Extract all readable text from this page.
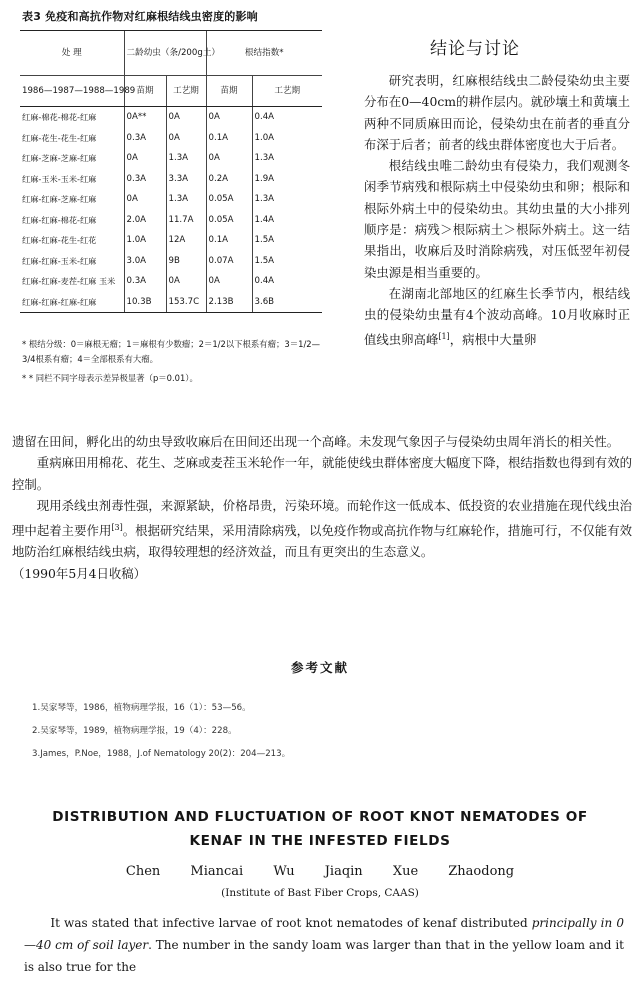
表3 免疫和高抗作物对红麻根结线虫密度的影响
处 理	二龄幼虫（条/200g土）		根结指数*	
1986—1987—1988—1989	苗期	工艺期	苗期	工艺期
红麻-棉花-棉花-红麻	0A**	0A	0A	0.4A
红麻-花生-花生-红麻	0.3A	0A	0.1A	1.0A
红麻-芝麻-芝麻-红麻	0A	1.3A	0A	1.3A
红麻-玉米-玉米-红麻	0.3A	3.3A	0.2A	1.9A
红麻-红麻-芝麻-红麻	0A	1.3A	0.05A	1.3A
红麻-红麻-棉花-红麻	2.0A	11.7A	0.05A	1.4A
红麻-红麻-花生-红花	1.0A	12A	0.1A	1.5A
红麻-红麻-玉米-红麻	3.0A	9B	0.07A	1.5A
红麻-红麻-麦茬-红麻 玉米	0.3A	0A	0A	0.4A
红麻-红麻-红麻-红麻	10.3B	153.7C	2.13B	3.6B

* 根结分级：0＝麻根无瘤；1＝麻根有少数瘤；2＝1/2以下根系有瘤；3＝1/2—3/4根系有瘤；4＝全部根系有大瘤。

* * 同栏不同字母表示差异极显著（p＝0.01）。

结论与讨论

研究表明，红麻根结线虫二龄侵染幼虫主要分布在0—40cm的耕作层内。就砂壤土和黄壤土两种不同质麻田而论，侵染幼虫在前者的垂直分布深于后者；前者的线虫群体密度也大于后者。

根结线虫唯二龄幼虫有侵染力，我们观测冬闲季节病残和根际病土中侵染幼虫和卵；根际和根际外病土中的侵染幼虫。其幼虫量的大小排列顺序是：病残＞根际病土＞根际外病土。这一结果指出，收麻后及时消除病残，对压低翌年初侵染虫源是相当重要的。

在湖南北部地区的红麻生长季节内，根结线虫的侵染幼虫量有4个波动高峰。10月收麻时正值线虫卵高峰[1]，病根中大量卵

遗留在田间，孵化出的幼虫导致收麻后在田间还出现一个高峰。未发现气象因子与侵染幼虫周年消长的相关性。

重病麻田用棉花、花生、芝麻或麦茬玉米轮作一年，就能使线虫群体密度大幅度下降，根结指数也得到有效的控制。

现用杀线虫剂毒性强，来源紧缺，价格昂贵，污染环境。而轮作这一低成本、低投资的农业措施在现代线虫治理中起着主要作用[3]。根据研究结果，采用清除病残，以免疫作物或高抗作物与红麻轮作，措施可行，不仅能有效地防治红麻根结线虫病，取得较理想的经济效益，而且有更突出的生态意义。

（1990年5月4日收稿）

参考文献
1.吴家琴等，1986，植物病理学报，16（1）：53—56。
2.吴家琴等，1989，植物病理学报，19（4）：228。
3.James，P.Noe，1988，J.of Nematology 20(2)：204—213。
DISTRIBUTION AND FLUCTUATION OF ROOT KNOT NEMATODES OF
KENAF IN THE INFESTED FIELDS
Chen Miancai Wu Jiaqin Xue Zhaodong
(Institute of Bast Fiber Crops, CAAS)
It was stated that infective larvae of root knot nematodes of kenaf distributed principally in 0—40 cm of soil layer. The number in the sandy loam was larger than that in the yellow loam and it is also true for the
